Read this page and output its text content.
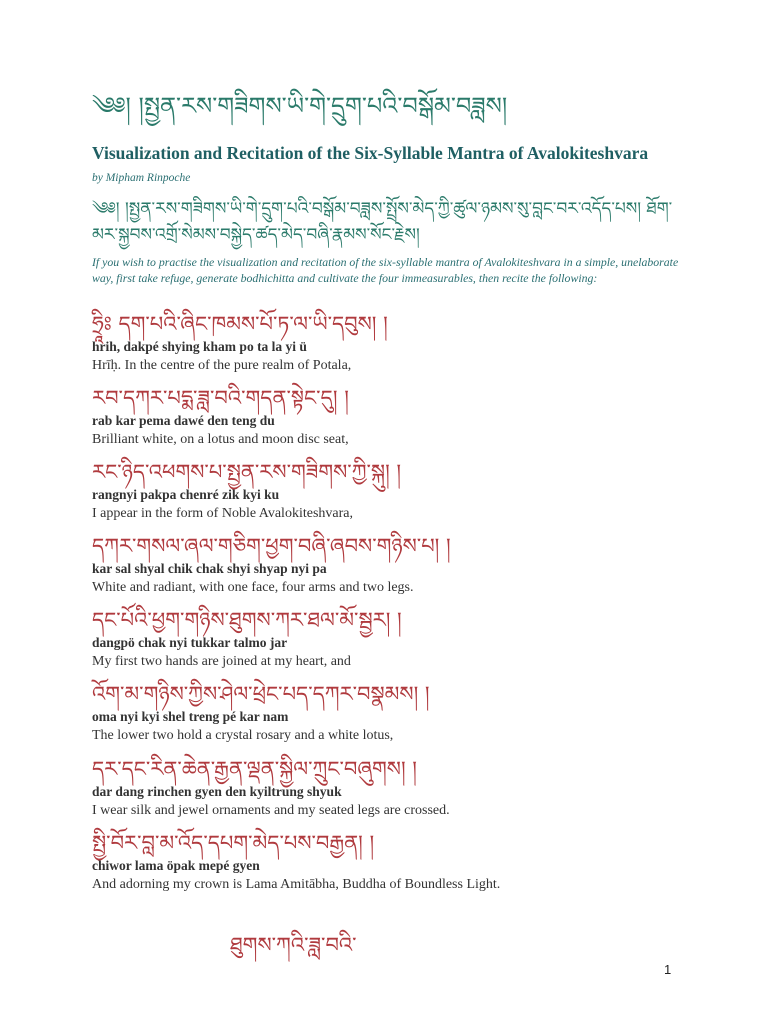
༄༅། །སྤྱན་རས་གཟིགས་ཡི་གེ་དྲུག་པའི་བསྒོམ་བཟླས།
Visualization and Recitation of the Six-Syllable Mantra of Avalokiteshvara
by Mipham Rinpoche
༄༅། །སྤྱན་རས་གཟིགས་ཡི་གེ་དྲུག་པའི་བསྒོམ་བཟླས་སྤྲོས་མེད་ཀྱི་ཚུལ་ཉམས་སུ་བླང་བར་འདོད་པས། ཐོག་མར་སྐྱབས་འགྲོ་སེམས་བསྐྱེད་ཚད་མེད་བཞི་རྣམས་སོང་རྗེས།
If you wish to practise the visualization and recitation of the six-syllable mantra of Avalokiteshvara in a simple, unelaborate way, first take refuge, generate bodhichitta and cultivate the four immeasurables, then recite the following:
ཧྲཱིཿ དག་པའི་ཞིང་ཁམས་པོ་ཏ་ལ་ཡི་དབུས། །
hrih, dakpé shying kham po ta la yi ü
Hrīḥ. In the centre of the pure realm of Potala,
རབ་དཀར་པདྨ་ཟླ་བའི་གདན་སྟེང་དུ། །
rab kar pema dawé den teng du
Brilliant white, on a lotus and moon disc seat,
རང་ཉིད་འཕགས་པ་སྤྱན་རས་གཟིགས་ཀྱི་སྐུ། །
rangnyi pakpa chenré zik kyi ku
I appear in the form of Noble Avalokiteshvara,
དཀར་གསལ་ཞལ་གཅིག་ཕྱག་བཞི་ཞབས་གཉིས་པ། །
kar sal shyal chik chak shyi shyap nyi pa
White and radiant, with one face, four arms and two legs.
དང་པོའི་ཕྱག་གཉིས་ཐུགས་ཀར་ཐལ་མོ་སྦྱར། །
dangpö chak nyi tukkar talmo jar
My first two hands are joined at my heart, and
འོག་མ་གཉིས་ཀྱིས་ཤེལ་ཕྲེང་པད་དཀར་བསྣམས། །
oma nyi kyi shel treng pé kar nam
The lower two hold a crystal rosary and a white lotus,
དར་དང་རིན་ཆེན་རྒྱན་ལྡན་སྐྱིལ་ཀྲུང་བཞུགས། །
dar dang rinchen gyen den kyiltrung shyuk
I wear silk and jewel ornaments and my seated legs are crossed.
སྤྱི་བོར་བླ་མ་འོད་དཔག་མེད་པས་བརྒྱན། །
chiwor lama öpak mepé gyen
And adorning my crown is Lama Amitābha, Buddha of Boundless Light.
ཐུགས་ཀའི་ཟླ་བའི་
1
